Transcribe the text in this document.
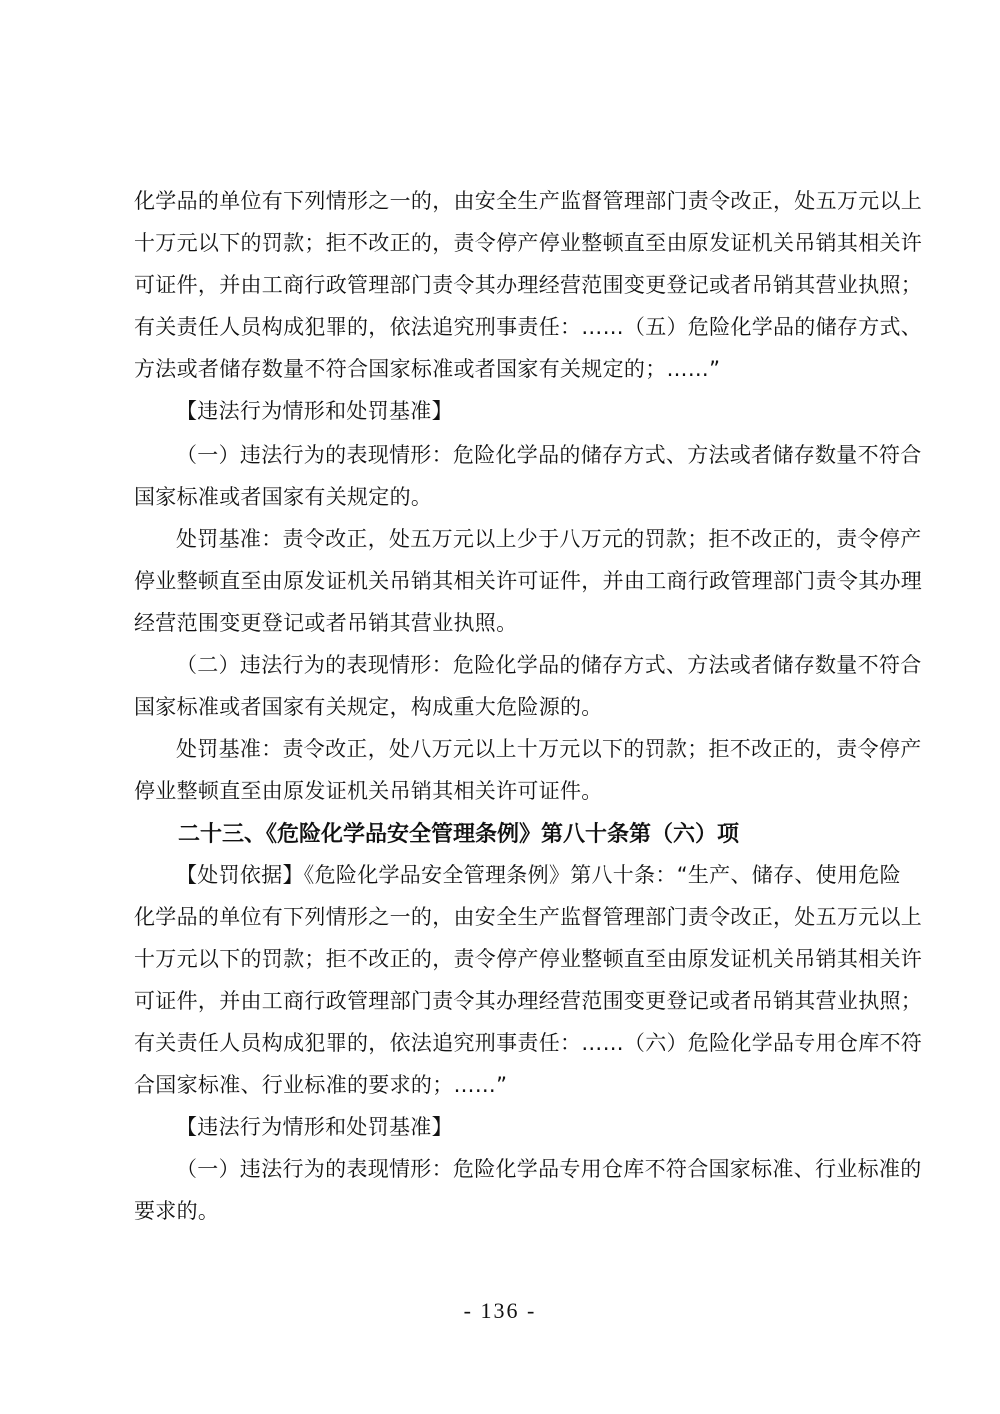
化学品的单位有下列情形之一的，由安全生产监督管理部门责令改正，处五万元以上
十万元以下的罚款；拒不改正的，责令停产停业整顿直至由原发证机关吊销其相关许
可证件，并由工商行政管理部门责令其办理经营范围变更登记或者吊销其营业执照；
有关责任人员构成犯罪的，依法追究刑事责任：……（五）危险化学品的储存方式、
方法或者储存数量不符合国家标准或者国家有关规定的；……”
【违法行为情形和处罚基准】
（一）违法行为的表现情形：危险化学品的储存方式、方法或者储存数量不符合
国家标准或者国家有关规定的。
处罚基准：责令改正，处五万元以上少于八万元的罚款；拒不改正的，责令停产
停业整顿直至由原发证机关吊销其相关许可证件，并由工商行政管理部门责令其办理
经营范围变更登记或者吊销其营业执照。
（二）违法行为的表现情形：危险化学品的储存方式、方法或者储存数量不符合
国家标准或者国家有关规定，构成重大危险源的。
处罚基准：责令改正，处八万元以上十万元以下的罚款；拒不改正的，责令停产
停业整顿直至由原发证机关吊销其相关许可证件。
二十三、《危险化学品安全管理条例》第八十条第（六）项
【处罚依据】《危险化学品安全管理条例》第八十条：“生产、储存、使用危险
化学品的单位有下列情形之一的，由安全生产监督管理部门责令改正，处五万元以上
十万元以下的罚款；拒不改正的，责令停产停业整顿直至由原发证机关吊销其相关许
可证件，并由工商行政管理部门责令其办理经营范围变更登记或者吊销其营业执照；
有关责任人员构成犯罪的，依法追究刑事责任：……（六）危险化学品专用仓库不符
合国家标准、行业标准的要求的；……”
【违法行为情形和处罚基准】
（一）违法行为的表现情形：危险化学品专用仓库不符合国家标准、行业标准的
要求的。
- 136 -
